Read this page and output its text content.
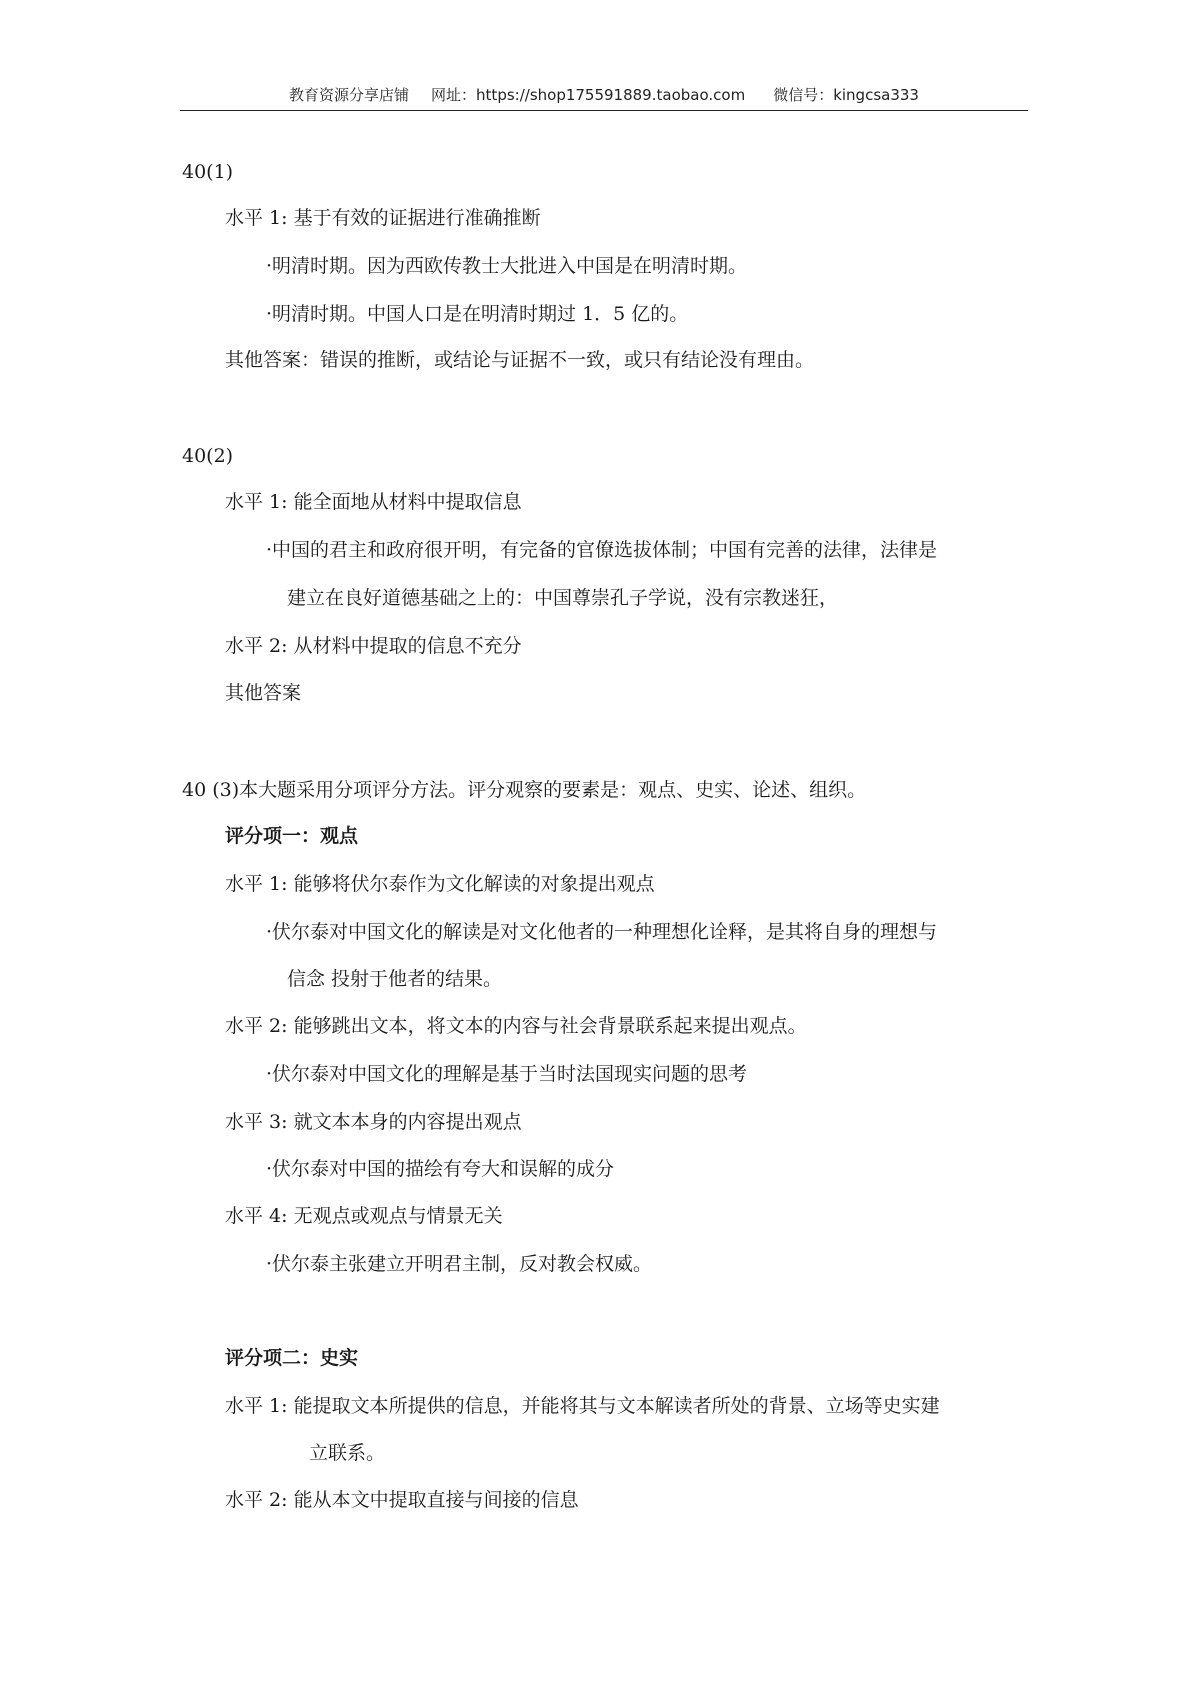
教育资源分享店铺 网址：https://shop175591889.taobao.com 微信号：kingcsa333
40(1)
水平 1: 基于有效的证据进行准确推断
·明清时期。因为西欧传教士大批进入中国是在明清时期。
·明清时期。中国人口是在明清时期过 1．5 亿的。
其他答案：错误的推断，或结论与证据不一致，或只有结论没有理由。
40(2)
水平 1: 能全面地从材料中提取信息
·中国的君主和政府很开明，有完备的官僚选拔体制；中国有完善的法律，法律是
建立在良好道德基础之上的：中国尊崇孔子学说，没有宗教迷狂，
水平 2: 从材料中提取的信息不充分
其他答案
40 (3)本大题采用分项评分方法。评分观察的要素是：观点、史实、论述、组织。
评分项一：观点
水平 1: 能够将伏尔泰作为文化解读的对象提出观点
·伏尔泰对中国文化的解读是对文化他者的一种理想化诠释，是其将自身的理想与
信念 投射于他者的结果。
水平 2: 能够跳出文本，将文本的内容与社会背景联系起来提出观点。
·伏尔泰对中国文化的理解是基于当时法国现实问题的思考
水平 3: 就文本本身的内容提出观点
·伏尔泰对中国的描绘有夸大和误解的成分
水平 4: 无观点或观点与情景无关
·伏尔泰主张建立开明君主制，反对教会权威。
评分项二：史实
水平 1: 能提取文本所提供的信息，并能将其与文本解读者所处的背景、立场等史实建
立联系。
水平 2: 能从本文中提取直接与间接的信息
